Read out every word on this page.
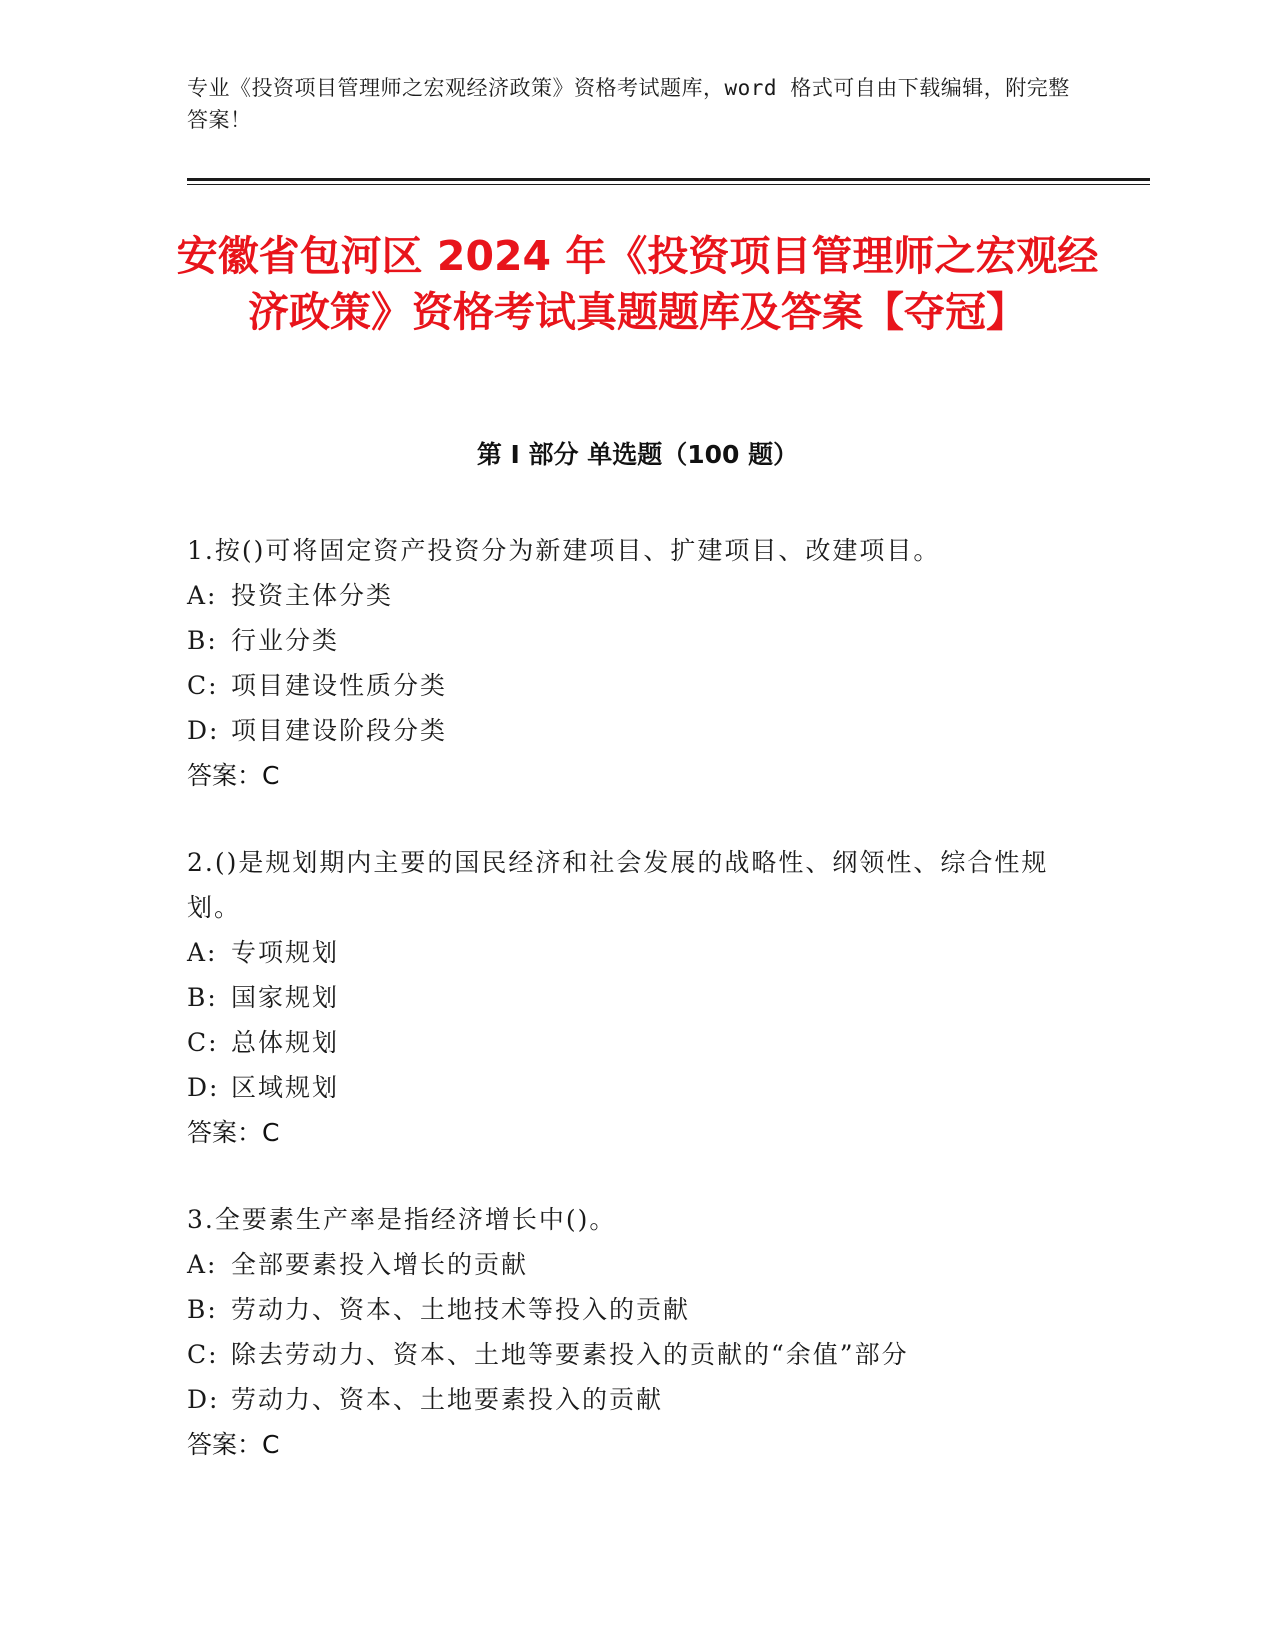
专业《投资项目管理师之宏观经济政策》资格考试题库，word 格式可自由下载编辑，附完整答案！
安徽省包河区 2024 年《投资项目管理师之宏观经济政策》资格考试真题题库及答案【夺冠】
第 I 部分 单选题（100 题）
1.按()可将固定资产投资分为新建项目、扩建项目、改建项目。
A: 投资主体分类
B: 行业分类
C: 项目建设性质分类
D: 项目建设阶段分类
答案：C
2.()是规划期内主要的国民经济和社会发展的战略性、纲领性、综合性规划。
A: 专项规划
B: 国家规划
C: 总体规划
D: 区域规划
答案：C
3.全要素生产率是指经济增长中()。
A: 全部要素投入增长的贡献
B: 劳动力、资本、土地技术等投入的贡献
C: 除去劳动力、资本、土地等要素投入的贡献的“余值”部分
D: 劳动力、资本、土地要素投入的贡献
答案：C
